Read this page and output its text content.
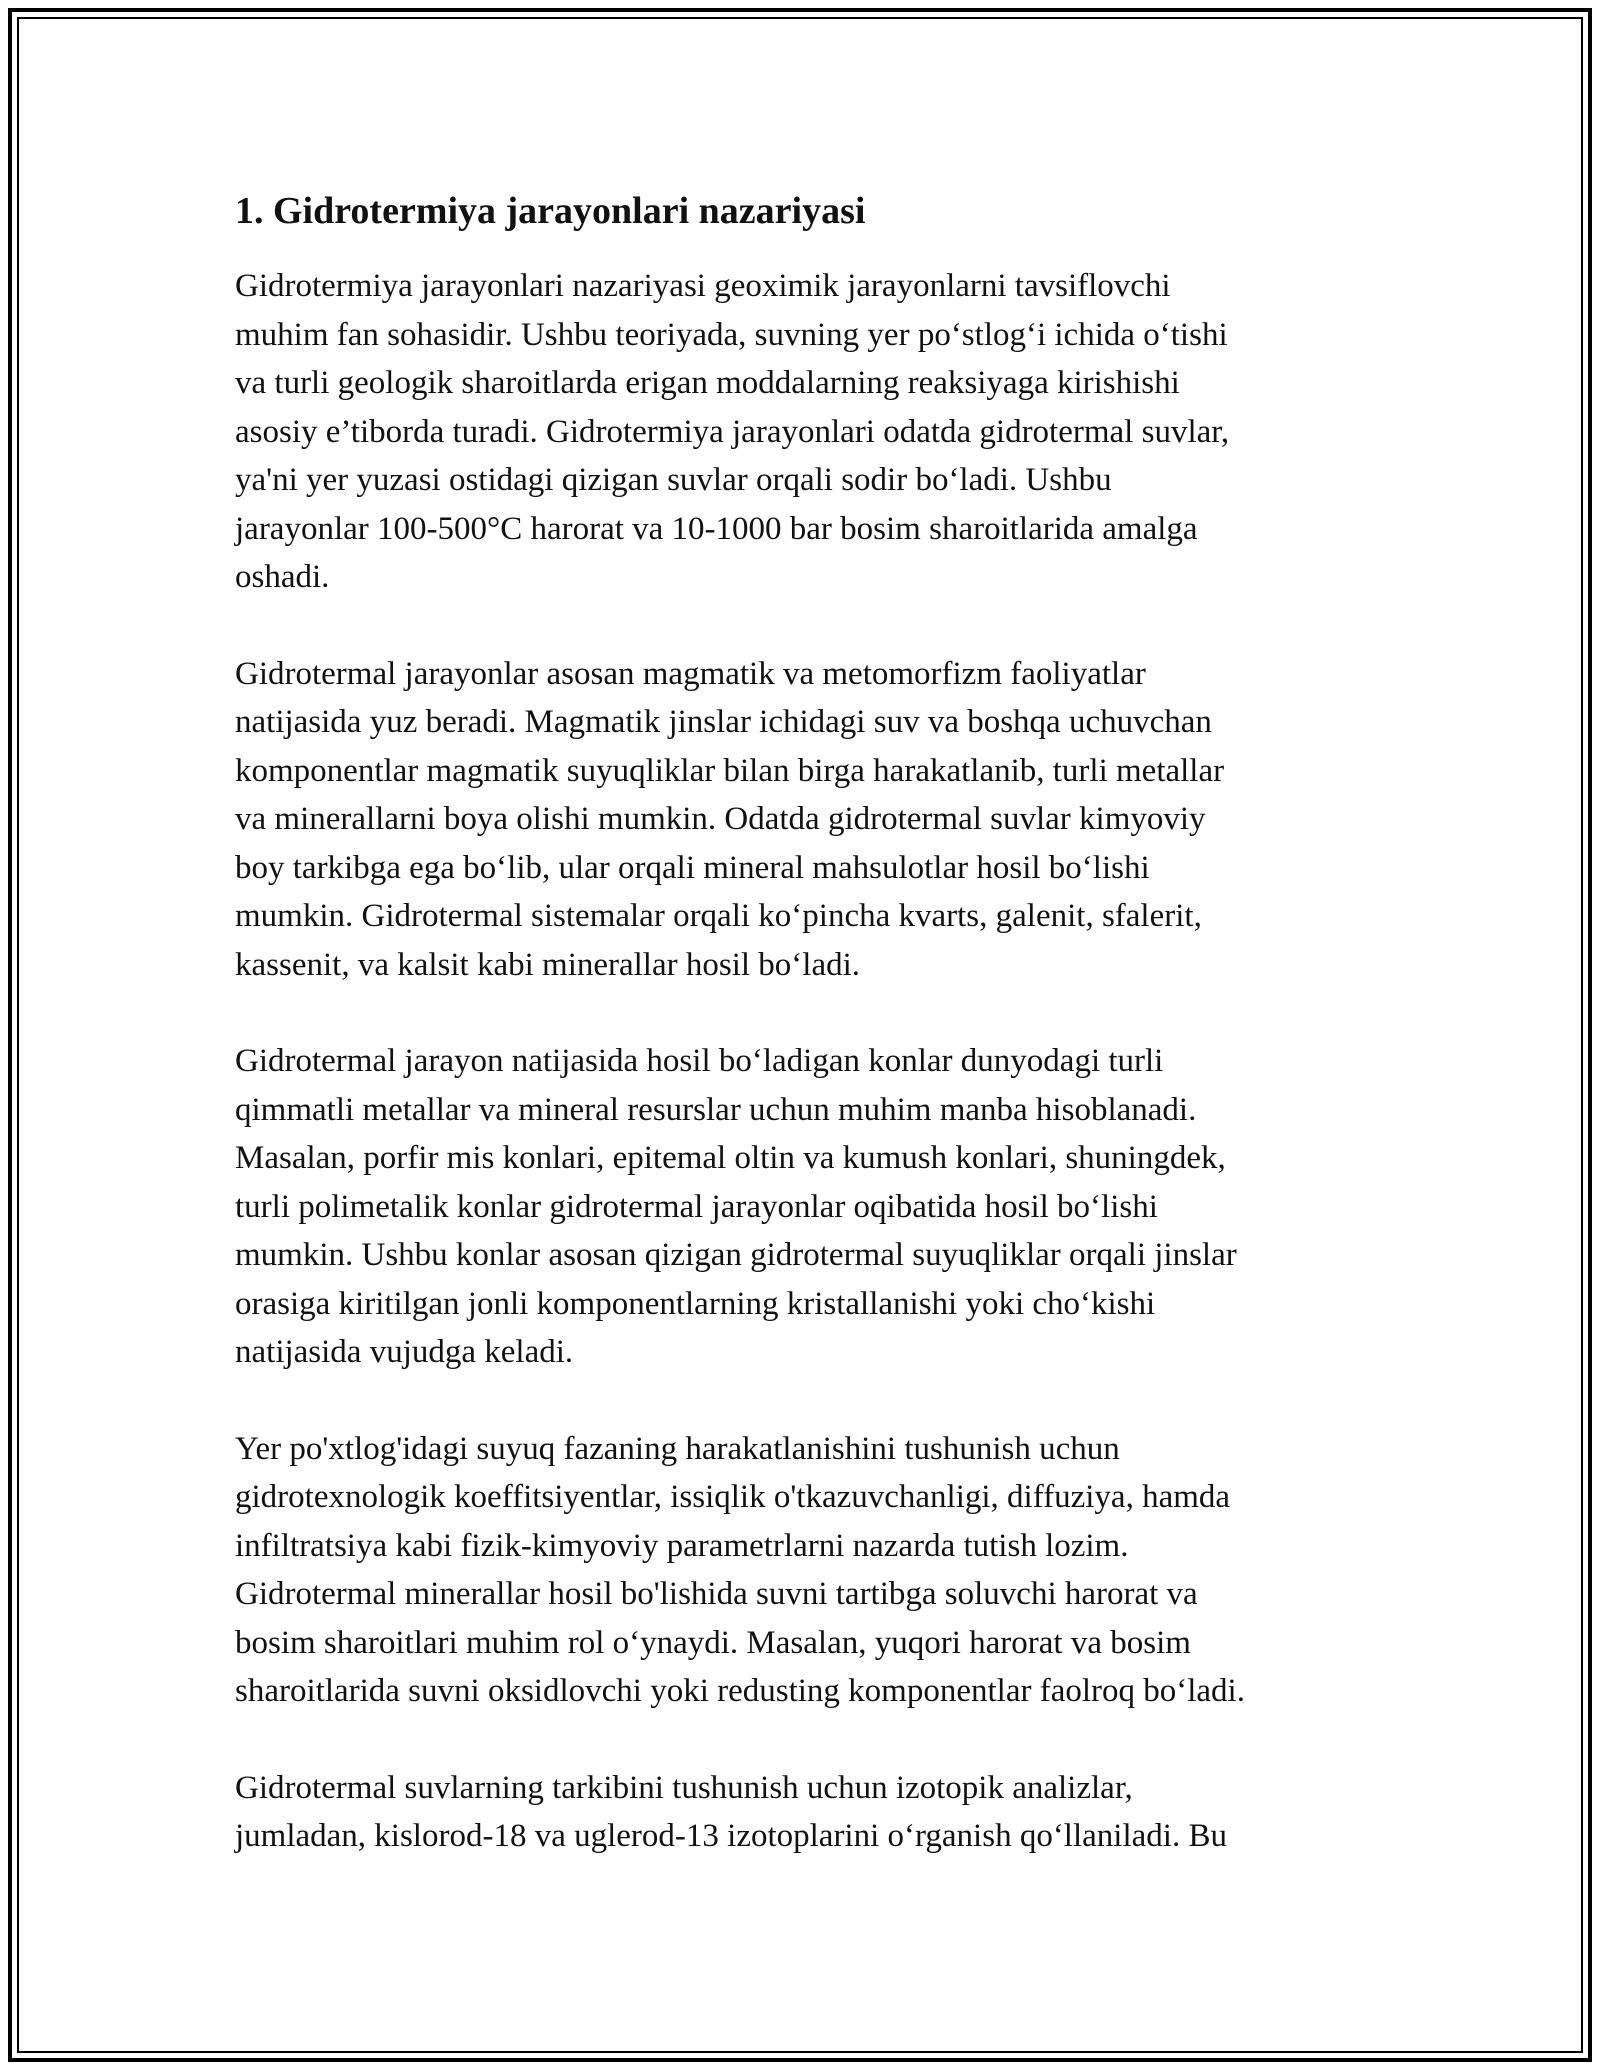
1. Gidrotermiya jarayonlari nazariyasi

Gidrotermiya jarayonlari nazariyasi geoximik jarayonlarni tavsiflovchi
muhim fan sohasidir. Ushbu teoriyada, suvning yer po‘stlog‘i ichida o‘tishi
va turli geologik sharoitlarda erigan moddalarning reaksiyaga kirishishi
asosiy e’tiborda turadi. Gidrotermiya jarayonlari odatda gidrotermal suvlar,
ya'ni yer yuzasi ostidagi qizigan suvlar orqali sodir bo‘ladi. Ushbu
jarayonlar 100-500°C harorat va 10-1000 bar bosim sharoitlarida amalga
oshadi.

Gidrotermal jarayonlar asosan magmatik va metomorfizm faoliyatlar
natijasida yuz beradi. Magmatik jinslar ichidagi suv va boshqa uchuvchan
komponentlar magmatik suyuqliklar bilan birga harakatlanib, turli metallar
va minerallarni boya olishi mumkin. Odatda gidrotermal suvlar kimyoviy
boy tarkibga ega bo‘lib, ular orqali mineral mahsulotlar hosil bo‘lishi
mumkin. Gidrotermal sistemalar orqali ko‘pincha kvarts, galenit, sfalerit,
kassenit, va kalsit kabi minerallar hosil bo‘ladi.

Gidrotermal jarayon natijasida hosil bo‘ladigan konlar dunyodagi turli
qimmatli metallar va mineral resurslar uchun muhim manba hisoblanadi.
Masalan, porfir mis konlari, epitemal oltin va kumush konlari, shuningdek,
turli polimetalik konlar gidrotermal jarayonlar oqibatida hosil bo‘lishi
mumkin. Ushbu konlar asosan qizigan gidrotermal suyuqliklar orqali jinslar
orasiga kiritilgan jonli komponentlarning kristallanishi yoki cho‘kishi
natijasida vujudga keladi.

Yer po'xtlog'idagi suyuq fazaning harakatlanishini tushunish uchun
gidrotexnologik koeffitsiyentlar, issiqlik o'tkazuvchanligi, diffuziya, hamda
infiltratsiya kabi fizik-kimyoviy parametrlarni nazarda tutish lozim.
Gidrotermal minerallar hosil bo'lishida suvni tartibga soluvchi harorat va
bosim sharoitlari muhim rol o‘ynaydi. Masalan, yuqori harorat va bosim
sharoitlarida suvni oksidlovchi yoki redusting komponentlar faolroq bo‘ladi.

Gidrotermal suvlarning tarkibini tushunish uchun izotopik analizlar,
jumladan, kislorod-18 va uglerod-13 izotoplarini o‘rganish qo‘llaniladi. Bu
